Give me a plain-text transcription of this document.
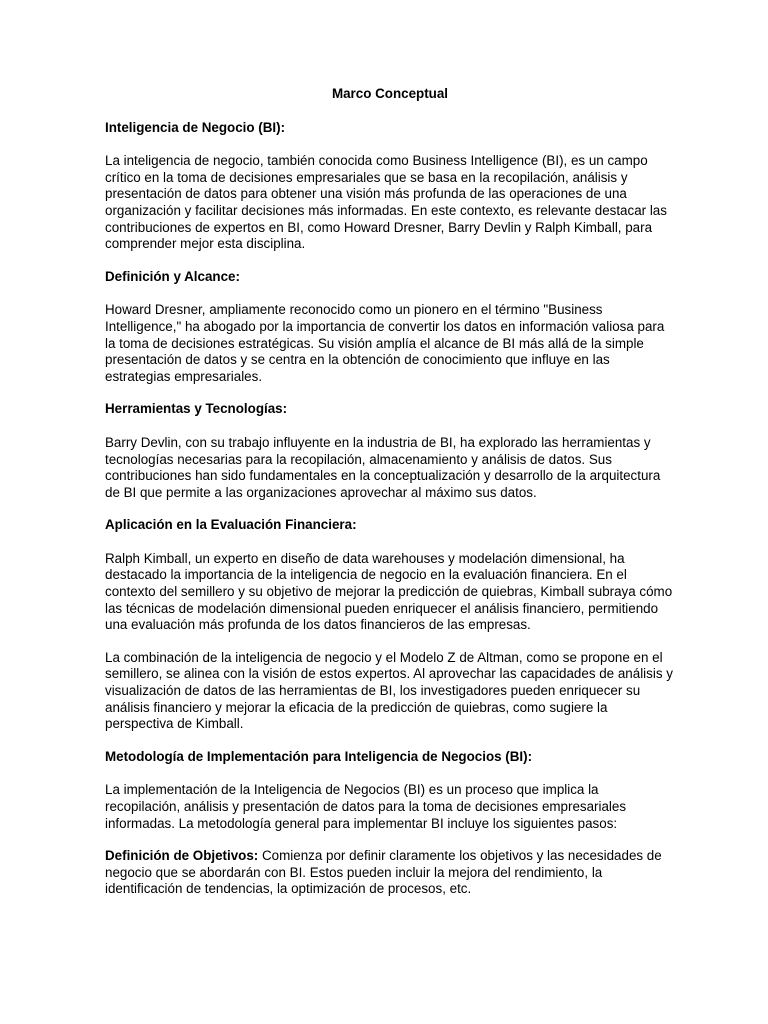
Marco Conceptual
Inteligencia de Negocio (BI):
La inteligencia de negocio, también conocida como Business Intelligence (BI), es un campo crítico en la toma de decisiones empresariales que se basa en la recopilación, análisis y presentación de datos para obtener una visión más profunda de las operaciones de una organización y facilitar decisiones más informadas. En este contexto, es relevante destacar las contribuciones de expertos en BI, como Howard Dresner, Barry Devlin y Ralph Kimball, para comprender mejor esta disciplina.
Definición y Alcance:
Howard Dresner, ampliamente reconocido como un pionero en el término "Business Intelligence," ha abogado por la importancia de convertir los datos en información valiosa para la toma de decisiones estratégicas. Su visión amplía el alcance de BI más allá de la simple presentación de datos y se centra en la obtención de conocimiento que influye en las estrategias empresariales.
Herramientas y Tecnologías:
Barry Devlin, con su trabajo influyente en la industria de BI, ha explorado las herramientas y tecnologías necesarias para la recopilación, almacenamiento y análisis de datos. Sus contribuciones han sido fundamentales en la conceptualización y desarrollo de la arquitectura de BI que permite a las organizaciones aprovechar al máximo sus datos.
Aplicación en la Evaluación Financiera:
Ralph Kimball, un experto en diseño de data warehouses y modelación dimensional, ha destacado la importancia de la inteligencia de negocio en la evaluación financiera. En el contexto del semillero y su objetivo de mejorar la predicción de quiebras, Kimball subraya cómo las técnicas de modelación dimensional pueden enriquecer el análisis financiero, permitiendo una evaluación más profunda de los datos financieros de las empresas.
La combinación de la inteligencia de negocio y el Modelo Z de Altman, como se propone en el semillero, se alinea con la visión de estos expertos. Al aprovechar las capacidades de análisis y visualización de datos de las herramientas de BI, los investigadores pueden enriquecer su análisis financiero y mejorar la eficacia de la predicción de quiebras, como sugiere la perspectiva de Kimball.
Metodología de Implementación para Inteligencia de Negocios (BI):
La implementación de la Inteligencia de Negocios (BI) es un proceso que implica la recopilación, análisis y presentación de datos para la toma de decisiones empresariales informadas. La metodología general para implementar BI incluye los siguientes pasos:
Definición de Objetivos: Comienza por definir claramente los objetivos y las necesidades de negocio que se abordarán con BI. Estos pueden incluir la mejora del rendimiento, la identificación de tendencias, la optimización de procesos, etc.
